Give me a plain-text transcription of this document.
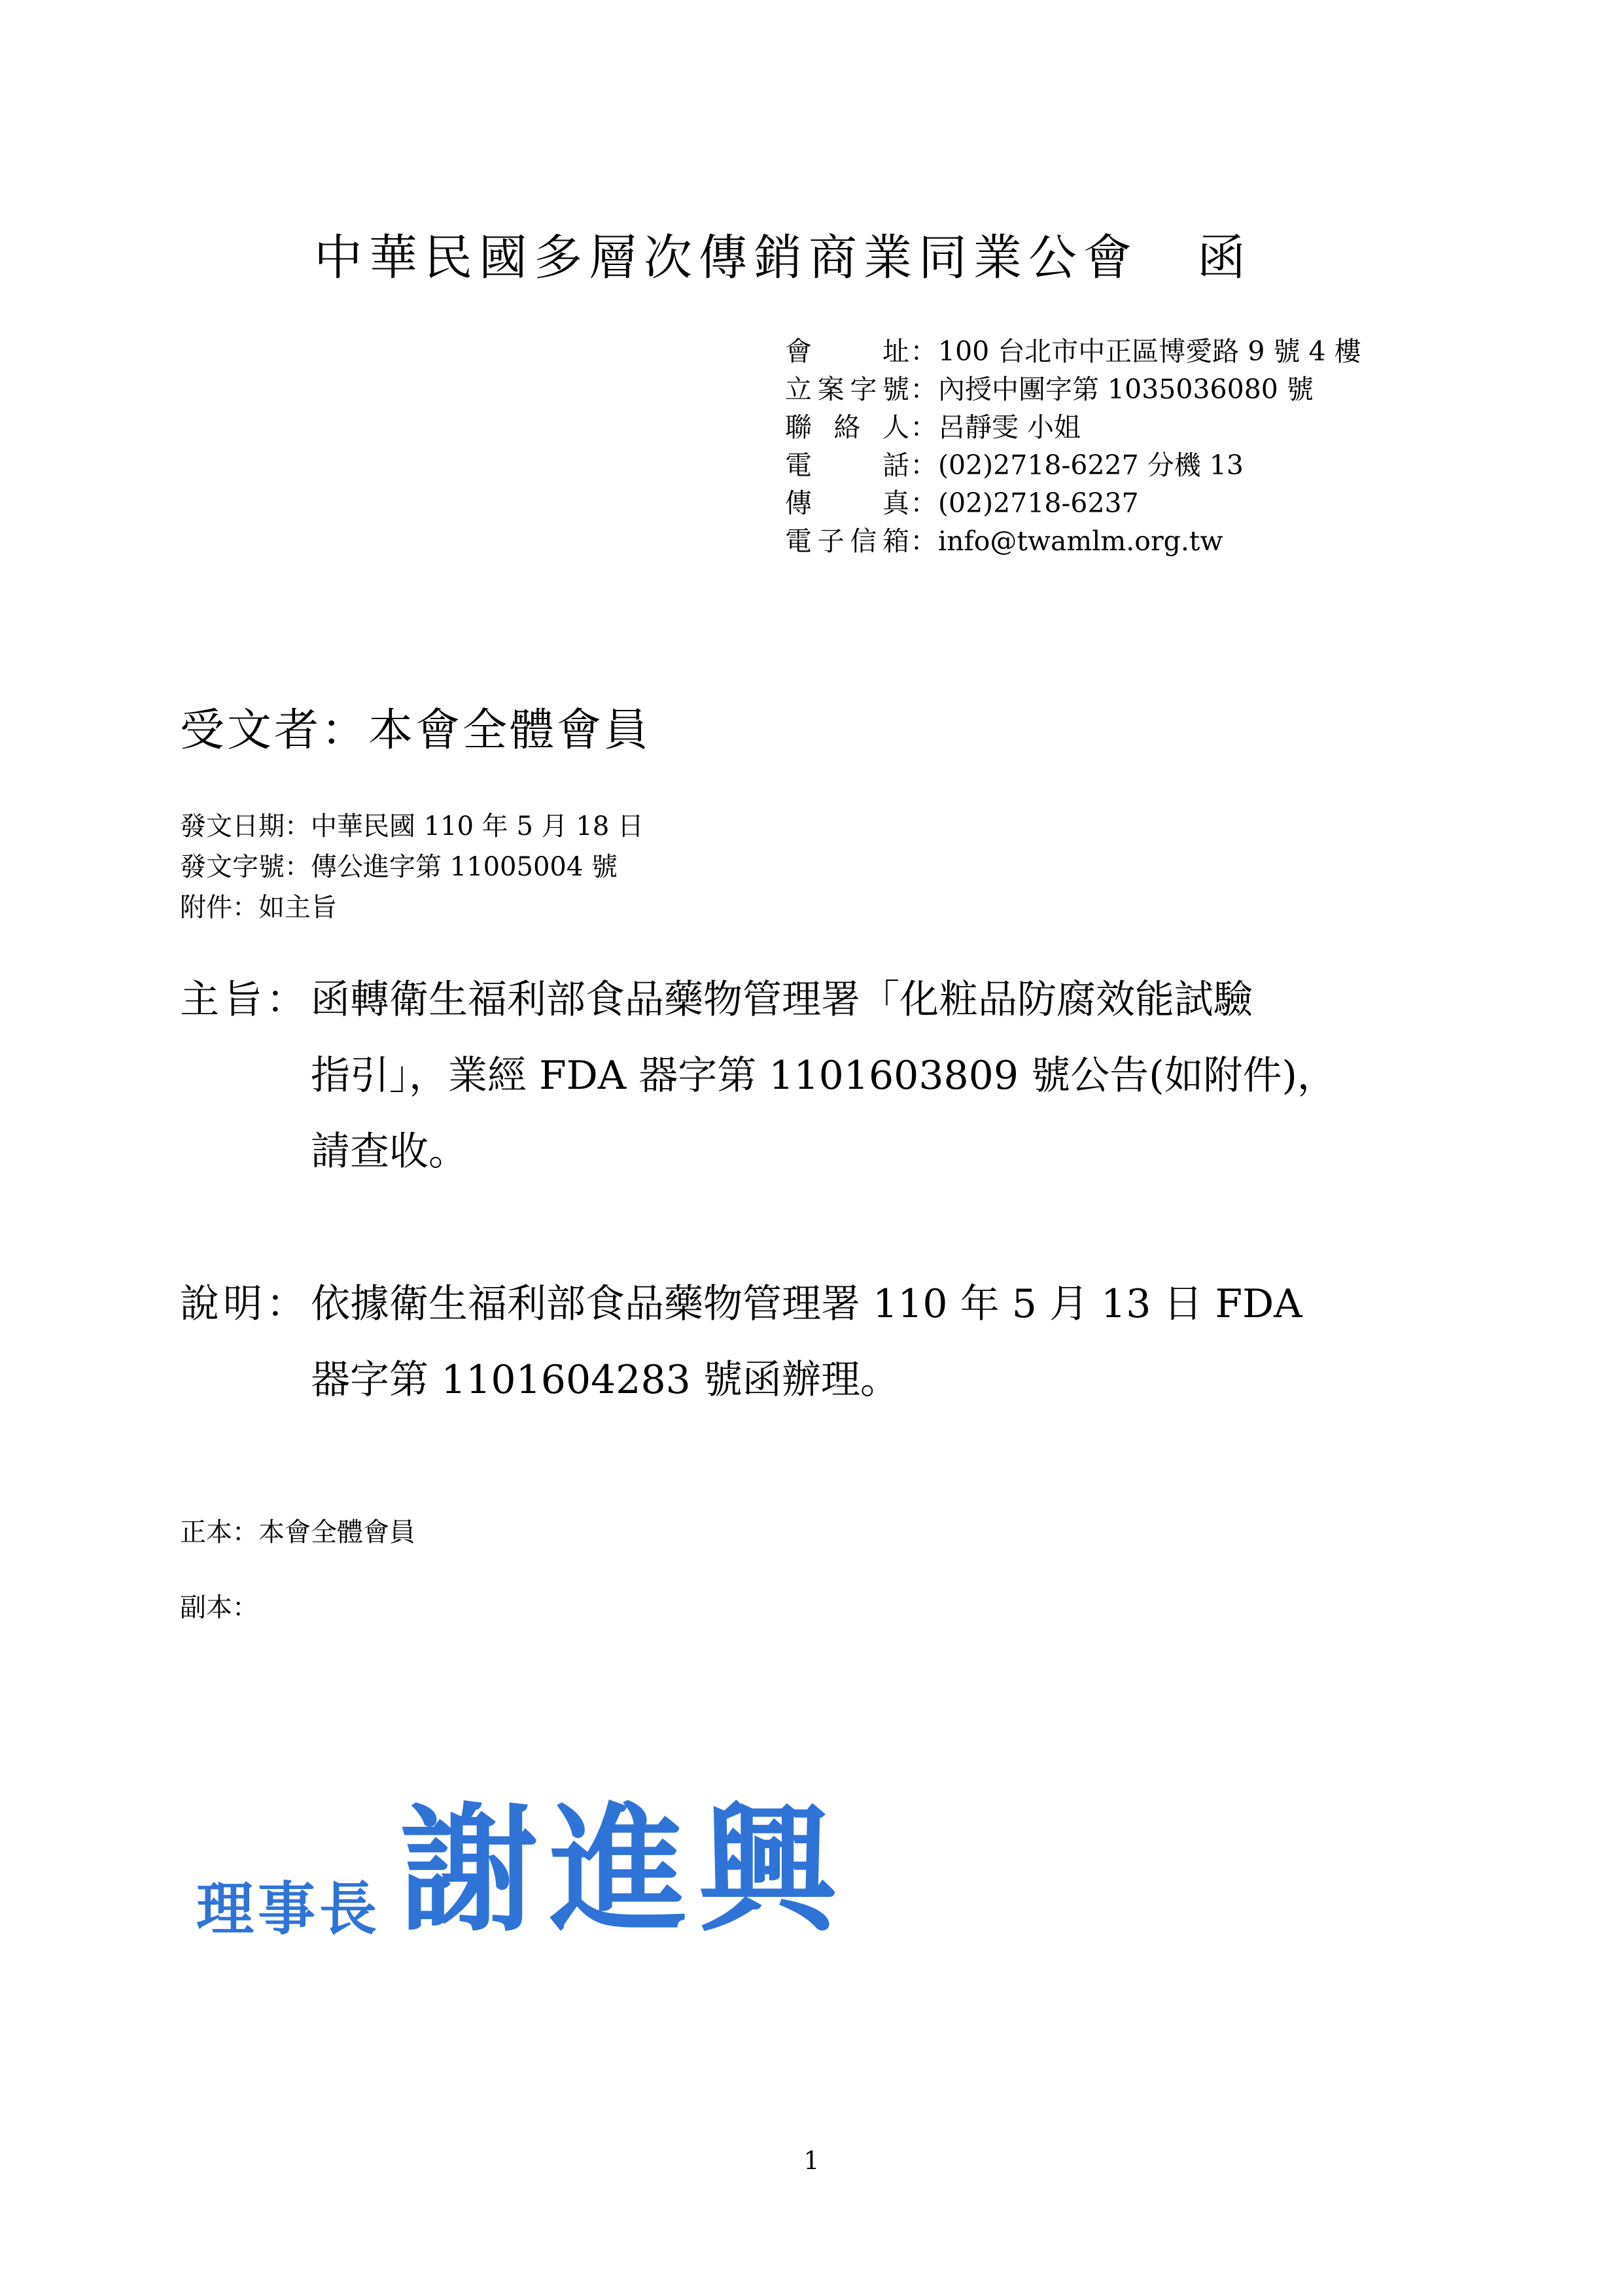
中華民國多層次傳銷商業同業公會 函
會址 ： 100 台北市中正區博愛路 9 號 4 樓
立案字號 ： 內授中團字第 1035036080 號
聯絡人 ： 呂靜雯 小姐
電話 ： (02)2718-6227 分機 13
傳真 ： (02)2718-6237
電子信箱 ： info@twamlm.org.tw
受文者：本會全體會員
發文日期：中華民國 110 年 5 月 18 日
發文字號：傳公進字第 11005004 號
附件：如主旨
主旨： 函轉衛生福利部食品藥物管理署「化粧品防腐效能試驗
指引」，業經 FDA 器字第 1101603809 號公告(如附件)，
請查收。
說明： 依據衛生福利部食品藥物管理署 110 年 5 月 13 日 FDA
器字第 1101604283 號函辦理。
正本：本會全體會員
副本：
理事長 謝進興
1
